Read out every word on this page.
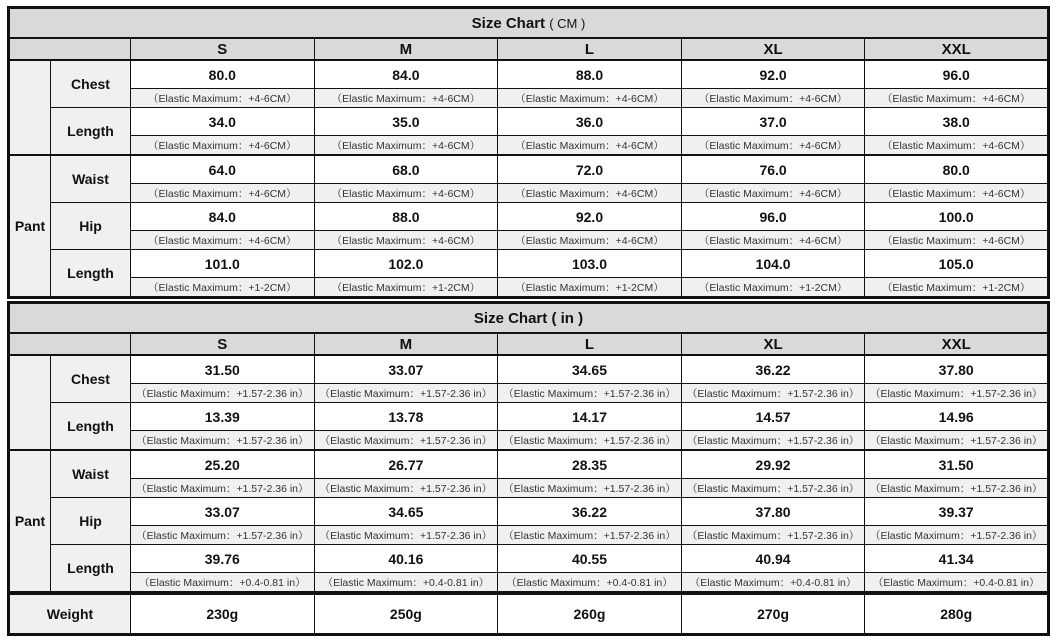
Size Chart ( CM )						
		S	M	L	XL	XXL
	Chest	80.0	84.0	88.0	92.0	96.0
		（Elastic Maximum：+4-6CM）	（Elastic Maximum：+4-6CM）	（Elastic Maximum：+4-6CM）	（Elastic Maximum：+4-6CM）	（Elastic Maximum：+4-6CM）
	Length	34.0	35.0	36.0	37.0	38.0
		（Elastic Maximum：+4-6CM）	（Elastic Maximum：+4-6CM）	（Elastic Maximum：+4-6CM）	（Elastic Maximum：+4-6CM）	（Elastic Maximum：+4-6CM）
Pant	Waist	64.0	68.0	72.0	76.0	80.0
		（Elastic Maximum：+4-6CM）	（Elastic Maximum：+4-6CM）	（Elastic Maximum：+4-6CM）	（Elastic Maximum：+4-6CM）	（Elastic Maximum：+4-6CM）
	Hip	84.0	88.0	92.0	96.0	100.0
		（Elastic Maximum：+4-6CM）	（Elastic Maximum：+4-6CM）	（Elastic Maximum：+4-6CM）	（Elastic Maximum：+4-6CM）	（Elastic Maximum：+4-6CM）
	Length	101.0	102.0	103.0	104.0	105.0
		（Elastic Maximum：+1-2CM）	（Elastic Maximum：+1-2CM）	（Elastic Maximum：+1-2CM）	（Elastic Maximum：+1-2CM）	（Elastic Maximum：+1-2CM）
Size Chart ( in )						
		S	M	L	XL	XXL
	Chest	31.50	33.07	34.65	36.22	37.80
		（Elastic Maximum：+1.57-2.36 in）	（Elastic Maximum：+1.57-2.36 in）	（Elastic Maximum：+1.57-2.36 in）	（Elastic Maximum：+1.57-2.36 in）	（Elastic Maximum：+1.57-2.36 in）
	Length	13.39	13.78	14.17	14.57	14.96
		（Elastic Maximum：+1.57-2.36 in）	（Elastic Maximum：+1.57-2.36 in）	（Elastic Maximum：+1.57-2.36 in）	（Elastic Maximum：+1.57-2.36 in）	（Elastic Maximum：+1.57-2.36 in）
Pant	Waist	25.20	26.77	28.35	29.92	31.50
		（Elastic Maximum：+1.57-2.36 in）	（Elastic Maximum：+1.57-2.36 in）	（Elastic Maximum：+1.57-2.36 in）	（Elastic Maximum：+1.57-2.36 in）	（Elastic Maximum：+1.57-2.36 in）
	Hip	33.07	34.65	36.22	37.80	39.37
		（Elastic Maximum：+1.57-2.36 in）	（Elastic Maximum：+1.57-2.36 in）	（Elastic Maximum：+1.57-2.36 in）	（Elastic Maximum：+1.57-2.36 in）	（Elastic Maximum：+1.57-2.36 in）
	Length	39.76	40.16	40.55	40.94	41.34
		（Elastic Maximum：+0.4-0.81 in）	（Elastic Maximum：+0.4-0.81 in）	（Elastic Maximum：+0.4-0.81 in）	（Elastic Maximum：+0.4-0.81 in）	（Elastic Maximum：+0.4-0.81 in）
Weight	230g	250g	260g	270g	280g
